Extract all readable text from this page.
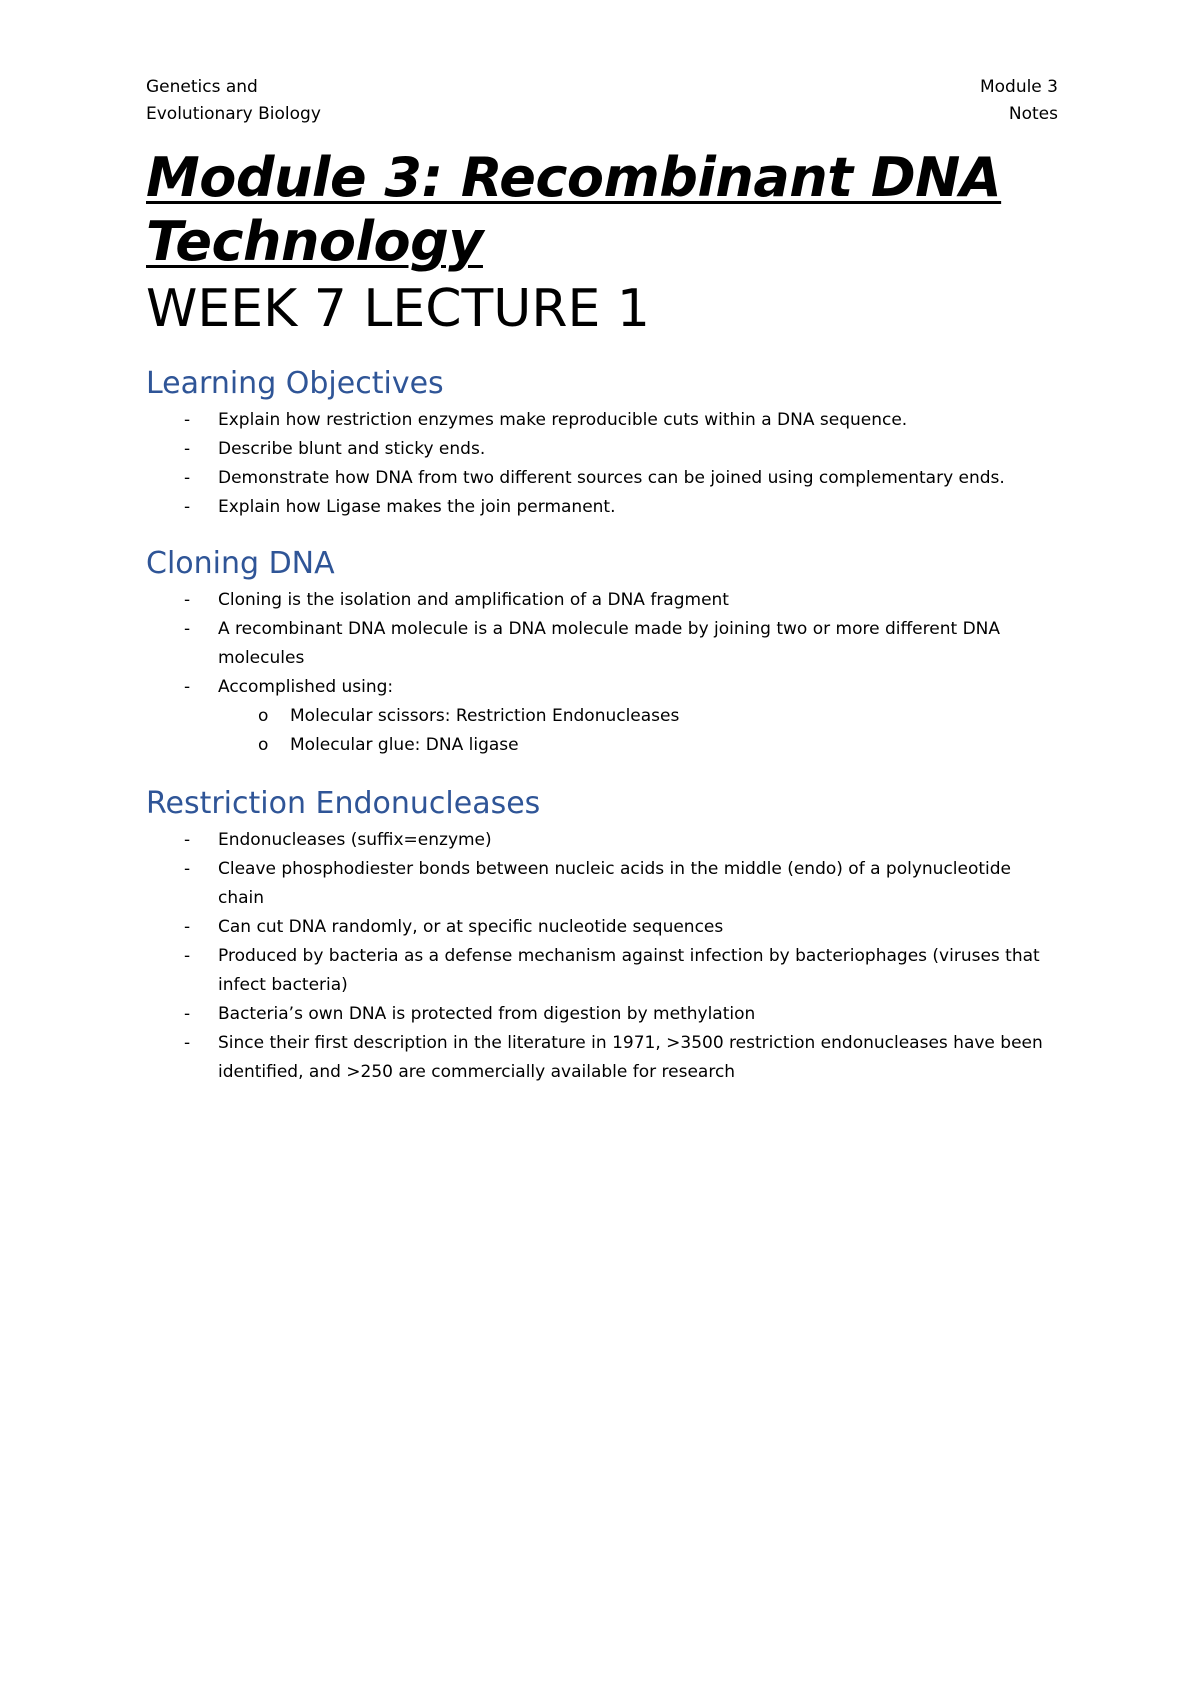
Genetics and
Evolutionary Biology
Module 3
Notes
Module 3: Recombinant DNA Technology
WEEK 7 LECTURE 1
Learning Objectives
- Explain how restriction enzymes make reproducible cuts within a DNA sequence.
- Describe blunt and sticky ends.
- Demonstrate how DNA from two different sources can be joined using complementary ends.
- Explain how Ligase makes the join permanent.
Cloning DNA
- Cloning is the isolation and amplification of a DNA fragment
- A recombinant DNA molecule is a DNA molecule made by joining two or more different DNA molecules
- Accomplished using:
o Molecular scissors: Restriction Endonucleases
o Molecular glue: DNA ligase
Restriction Endonucleases
- Endonucleases (suffix=enzyme)
- Cleave phosphodiester bonds between nucleic acids in the middle (endo) of a polynucleotide chain
- Can cut DNA randomly, or at specific nucleotide sequences
- Produced by bacteria as a defense mechanism against infection by bacteriophages (viruses that infect bacteria)
- Bacteria’s own DNA is protected from digestion by methylation
- Since their first description in the literature in 1971, >3500 restriction endonucleases have been identified, and >250 are commercially available for research
